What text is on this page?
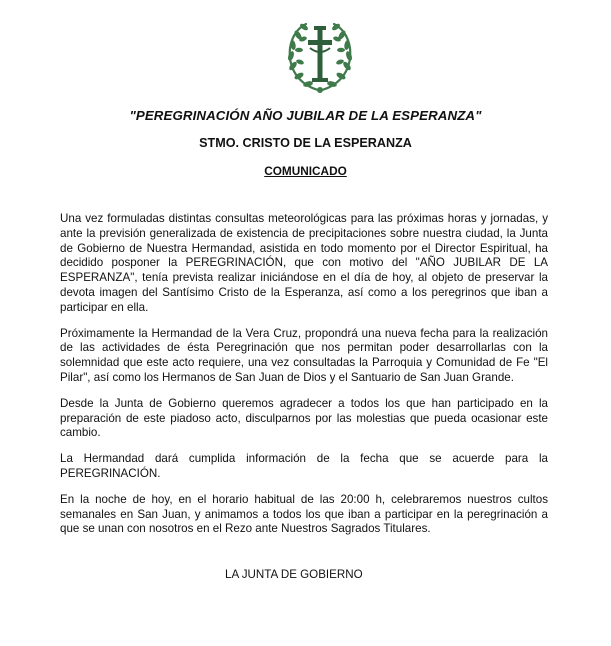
"PEREGRINACIÓN AÑO JUBILAR DE LA ESPERANZA"
STMO. CRISTO DE LA ESPERANZA
COMUNICADO

Una vez formuladas distintas consultas meteorológicas para las próximas horas y jornadas, y ante la previsión generalizada de existencia de precipitaciones sobre nuestra ciudad, la Junta de Gobierno de Nuestra Hermandad, asistida en todo momento por el Director Espiritual, ha decidido posponer la PEREGRINACIÓN, que con motivo del "AÑO JUBILAR DE LA ESPERANZA", tenía prevista realizar iniciándose en el día de hoy, al objeto de preservar la devota imagen del Santísimo Cristo de la Esperanza, así como a los peregrinos que iban a participar en ella.

Próximamente la Hermandad de la Vera Cruz, propondrá una nueva fecha para la realización de las actividades de ésta Peregrinación que nos permitan poder desarrollarlas con la solemnidad que este acto requiere, una vez consultadas la Parroquia y Comunidad de Fe "El Pilar", así como los Hermanos de San Juan de Dios y el Santuario de San Juan Grande.

Desde la Junta de Gobierno queremos agradecer a todos los que han participado en la preparación de este piadoso acto, disculparnos por las molestias que pueda ocasionar este cambio.

La Hermandad dará cumplida información de la fecha que se acuerde para la PEREGRINACIÓN.

En la noche de hoy, en el horario habitual de las 20:00 h, celebraremos nuestros cultos semanales en San Juan, y animamos a todos los que iban a participar en la peregrinación a que se unan con nosotros en el Rezo ante Nuestros Sagrados Titulares.

LA JUNTA DE GOBIERNO
